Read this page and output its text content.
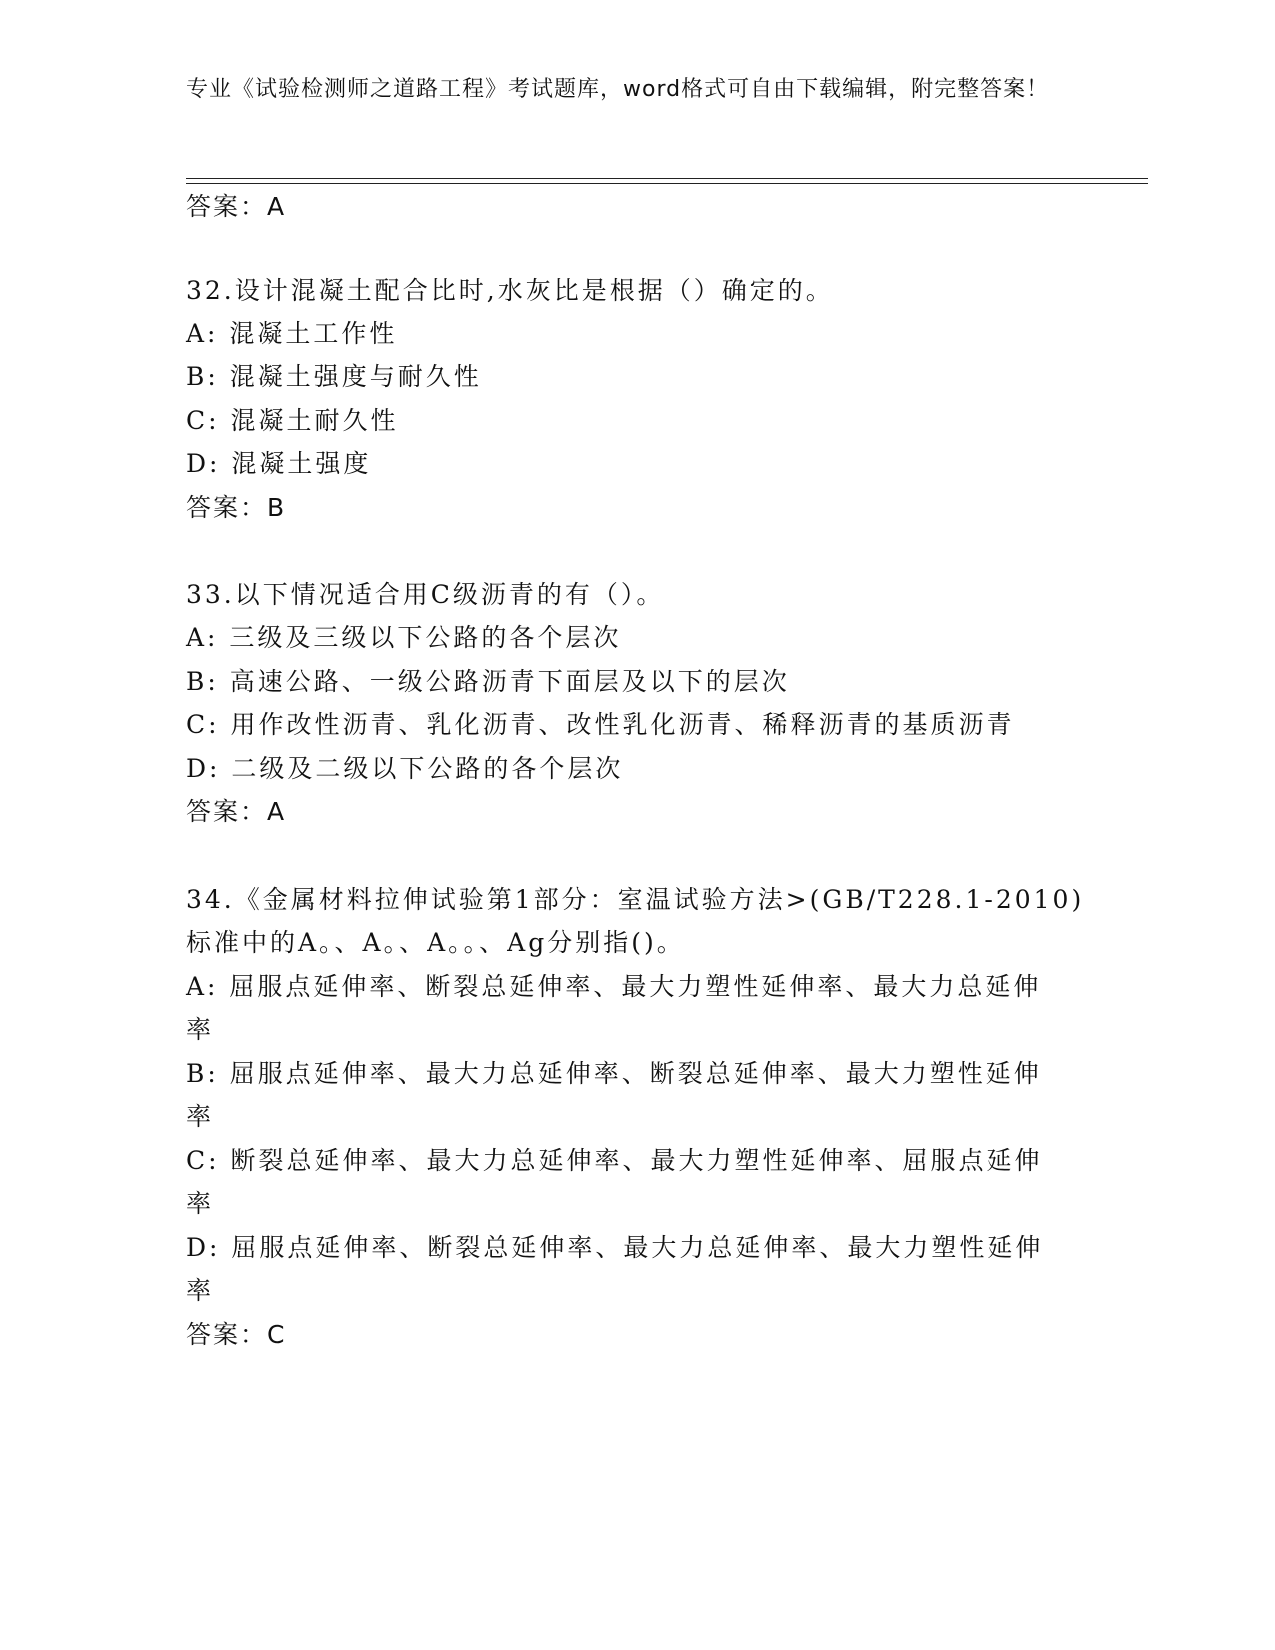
专业《试验检测师之道路工程》考试题库，word格式可自由下载编辑，附完整答案！
答案：A
32.设计混凝土配合比时,水灰比是根据（）确定的。
A: 混凝土工作性
B: 混凝土强度与耐久性
C: 混凝土耐久性
D: 混凝土强度
答案：B
33.以下情况适合用C级沥青的有（）。
A: 三级及三级以下公路的各个层次
B: 高速公路、一级公路沥青下面层及以下的层次
C: 用作改性沥青、乳化沥青、改性乳化沥青、稀释沥青的基质沥青
D: 二级及二级以下公路的各个层次
答案：A
34.《金属材料拉伸试验第1部分：室温试验方法>(GB/T228.1-2010)
标准中的A。、A。、A。。、Ag分别指()。
A: 屈服点延伸率、断裂总延伸率、最大力塑性延伸率、最大力总延伸
率
B: 屈服点延伸率、最大力总延伸率、断裂总延伸率、最大力塑性延伸
率
C: 断裂总延伸率、最大力总延伸率、最大力塑性延伸率、屈服点延伸
率
D: 屈服点延伸率、断裂总延伸率、最大力总延伸率、最大力塑性延伸
率
答案：C
